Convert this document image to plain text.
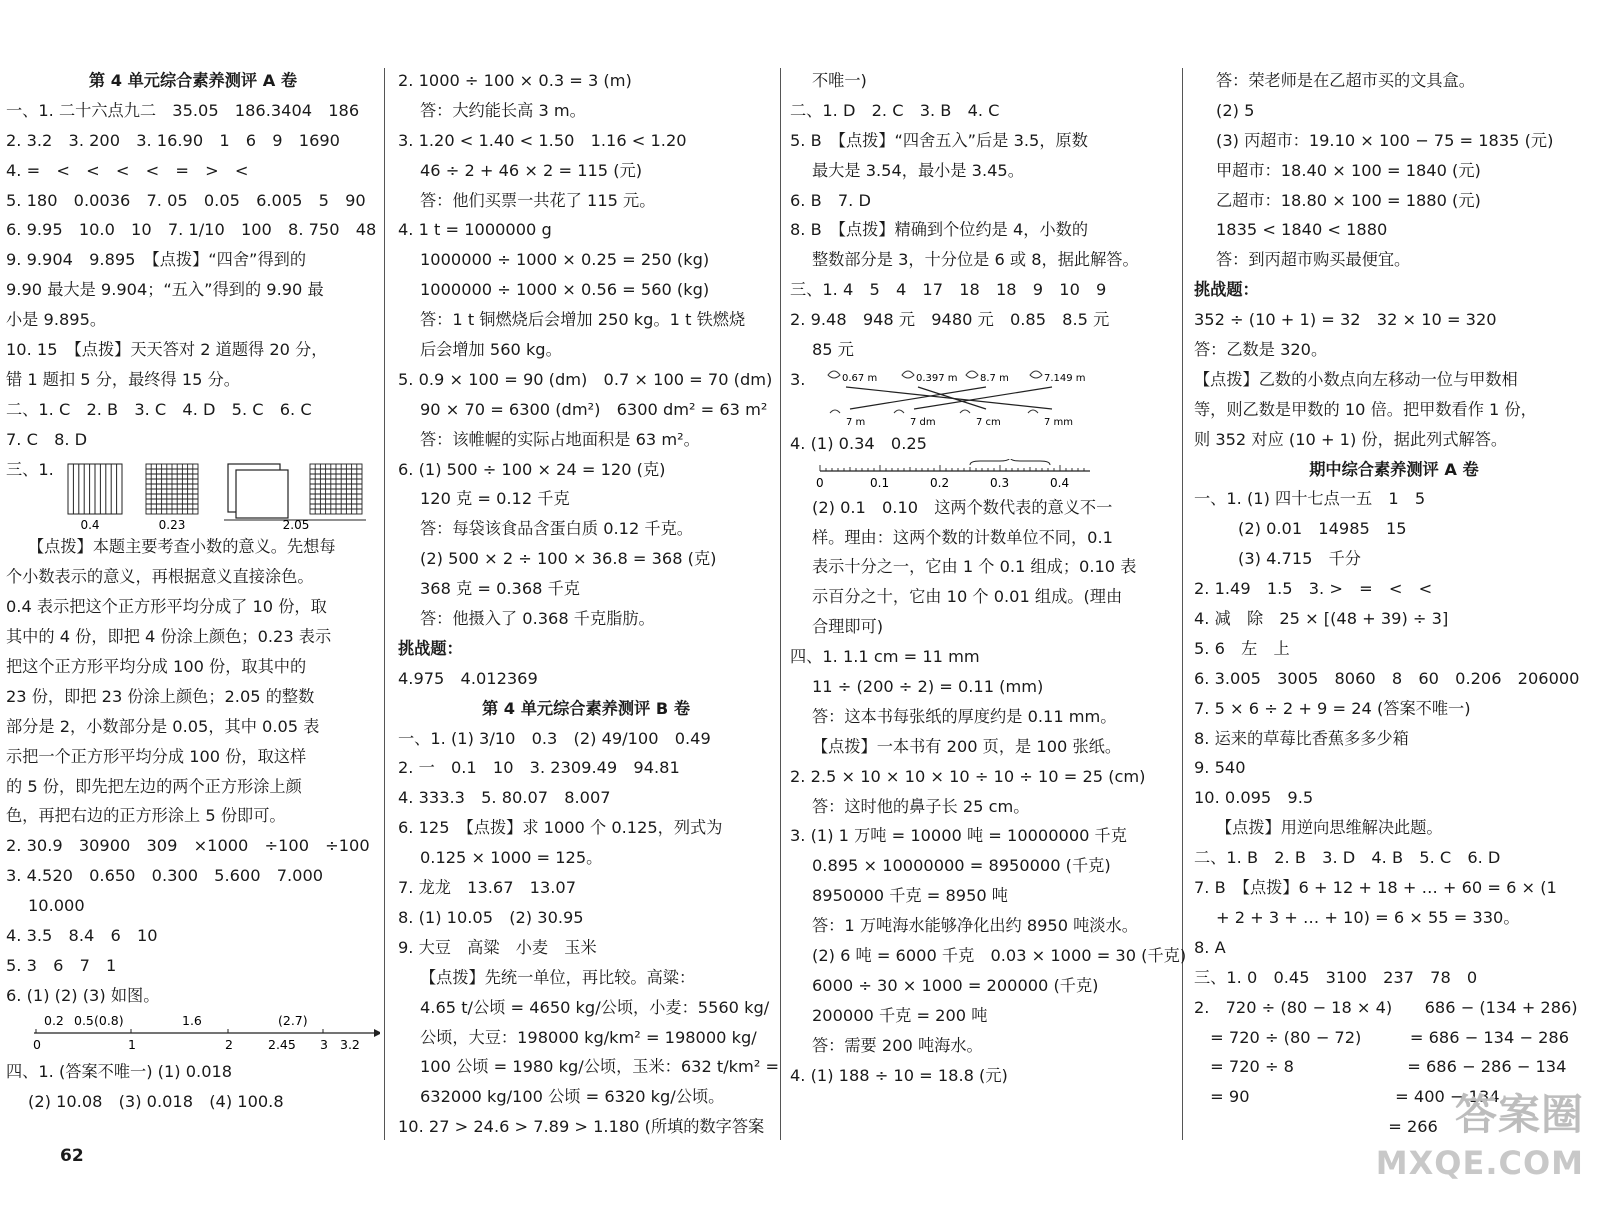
第 4 单元综合素养测评 A 卷
一、1. 二十六点九二　35.05　186.3404　186
2. 3.2　3. 200　3. 16.90　1　6　9　1690
4. =　<　<　<　<　=　>　<
5. 180　0.0036　7. 05　0.05　6.005　5　90
6. 9.95　10.0　10　7. 1/10　100　8. 750　48
9. 9.904　9.895　【点拨】“四舍”得到的
9.90 最大是 9.904；“五入”得到的 9.90 最
小是 9.895。
10. 15　【点拨】天天答对 2 道题得 20 分，
错 1 题扣 5 分，最终得 15 分。
二、1. C　2. B　3. C　4. D　5. C　6. C
7. C　8. D
三、1.
0.4	0.23	2.05
【点拨】本题主要考查小数的意义。先想每
个小数表示的意义，再根据意义直接涂色。
0.4 表示把这个正方形平均分成了 10 份，取
其中的 4 份，即把 4 份涂上颜色；0.23 表示
把这个正方形平均分成 100 份，取其中的
23 份，即把 23 份涂上颜色；2.05 的整数
部分是 2，小数部分是 0.05，其中 0.05 表
示把一个正方形平均分成 100 份，取这样
的 5 份，即先把左边的两个正方形涂上颜
色，再把右边的正方形涂上 5 份即可。
2. 30.9　30900　309　×1000　÷100　÷100
3. 4.520　0.650　0.300　5.600　7.000
10.000
4. 3.5　8.4　6　10
5. 3　6　7　1
6. (1) (2) (3) 如图。
0.2 0.5 (0.8)	1.6	(2.7)
0	1	2	2.45 3 3.2
四、1. (答案不唯一) (1) 0.018
(2) 10.08　(3) 0.018　(4) 100.8
2. 1000 ÷ 100 × 0.3 = 3 (m)
答：大约能长高 3 m。
3. 1.20 < 1.40 < 1.50　1.16 < 1.20
46 ÷ 2 + 46 × 2 = 115 (元)
答：他们买票一共花了 115 元。
4. 1 t = 1000000 g
1000000 ÷ 1000 × 0.25 = 250 (kg)
1000000 ÷ 1000 × 0.56 = 560 (kg)
答：1 t 铜燃烧后会增加 250 kg。1 t 铁燃烧
后会增加 560 kg。
5. 0.9 × 100 = 90 (dm)　0.7 × 100 = 70 (dm)
90 × 70 = 6300 (dm²)　6300 dm² = 63 m²
答：该帷幄的实际占地面积是 63 m²。
6. (1) 500 ÷ 100 × 24 = 120 (克)
120 克 = 0.12 千克
答：每袋该食品含蛋白质 0.12 千克。
(2) 500 × 2 ÷ 100 × 36.8 = 368 (克)
368 克 = 0.368 千克
答：他摄入了 0.368 千克脂肪。
挑战题：
4.975　4.012369
第 4 单元综合素养测评 B 卷
一、1. (1) 3/10　0.3　(2) 49/100　0.49
2. 一　0.1　10　3. 2309.49　94.81
4. 333.3　5. 80.07　8.007
6. 125　【点拨】求 1000 个 0.125，列式为
0.125 × 1000 = 125。
7. 龙龙　13.67　13.07
8. (1) 10.05　(2) 30.95
9. 大豆　高粱　小麦　玉米
【点拨】先统一单位，再比较。高粱：
4.65 t/公顷 = 4650 kg/公顷，小麦：5560 kg/
公顷，大豆：198000 kg/km² = 198000 kg/
100 公顷 = 1980 kg/公顷，玉米：632 t/km² =
632000 kg/100 公顷 = 6320 kg/公顷。
10. 27 > 24.6 > 7.89 > 1.180 (所填的数字答案
不唯一)
二、1. D　2. C　3. B　4. C
5. B　【点拨】“四舍五入”后是 3.5，原数
最大是 3.54，最小是 3.45。
6. B　7. D
8. B　【点拨】精确到个位约是 4，小数的
整数部分是 3，十分位是 6 或 8，据此解答。
三、1. 4　5　4　17　18　18　9　10　9
2. 9.48　948 元　9480 元　0.85　8.5 元
85 元
3.	0.67 m	0.397 m 8.7 m	7.149 m
7 m	7 dm	7 cm	7 mm
4. (1) 0.34　0.25
0	0.1	0.2	0.3	0.4
(2) 0.1　0.10　这两个数代表的意义不一
样。理由：这两个数的计数单位不同，0.1
表示十分之一，它由 1 个 0.1 组成；0.10 表
示百分之十，它由 10 个 0.01 组成。(理由
合理即可)
四、1. 1.1 cm = 11 mm
11 ÷ (200 ÷ 2) = 0.11 (mm)
答：这本书每张纸的厚度约是 0.11 mm。
【点拨】一本书有 200 页，是 100 张纸。
2. 2.5 × 10 × 10 × 10 ÷ 10 ÷ 10 = 25 (cm)
答：这时他的鼻子长 25 cm。
3. (1) 1 万吨 = 10000 吨 = 10000000 千克
0.895 × 10000000 = 8950000 (千克)
8950000 千克 = 8950 吨
答：1 万吨海水能够净化出约 8950 吨淡水。
(2) 6 吨 = 6000 千克　0.03 × 1000 = 30 (千克)
6000 ÷ 30 × 1000 = 200000 (千克)
200000 千克 = 200 吨
答：需要 200 吨海水。
4. (1) 188 ÷ 10 = 18.8 (元)
答：荣老师是在乙超市买的文具盒。
(2) 5
(3) 丙超市：19.10 × 100 − 75 = 1835 (元)
甲超市：18.40 × 100 = 1840 (元)
乙超市：18.80 × 100 = 1880 (元)
1835 < 1840 < 1880
答：到丙超市购买最便宜。
挑战题：
352 ÷ (10 + 1) = 32　32 × 10 = 320
答：乙数是 320。
【点拨】乙数的小数点向左移动一位与甲数相
等，则乙数是甲数的 10 倍。把甲数看作 1 份，
则 352 对应 (10 + 1) 份，据此列式解答。
期中综合素养测评 A 卷
一、1. (1) 四十七点一五　1　5
(2) 0.01　14985　15
(3) 4.715　千分
2. 1.49　1.5　3. >　=　<　<
4. 减　除　25 × [(48 + 39) ÷ 3]
5. 6　左　上
6. 3.005　3005　8060　8　60　0.206　206000
7. 5 × 6 ÷ 2 + 9 = 24 (答案不唯一)
8. 运来的草莓比香蕉多多少箱
9. 540
10. 0.095　9.5
【点拨】用逆向思维解决此题。
二、1. B　2. B　3. D　4. B　5. C　6. D
7. B　【点拨】6 + 12 + 18 + … + 60 = 6 × (1
+ 2 + 3 + … + 10) = 6 × 55 = 330。
8. A
三、1. 0　0.45　3100　237　78　0
2.　720 ÷ (80 − 18 × 4)　　686 − (134 + 286)
　= 720 ÷ (80 − 72)　　　= 686 − 134 − 286
　= 720 ÷ 8　　　　　　　= 686 − 286 − 134
　= 90　　　　　　　　　= 400 − 134
　　　　　　　　　　　　= 266
62
答案圈
MXQE.COM
